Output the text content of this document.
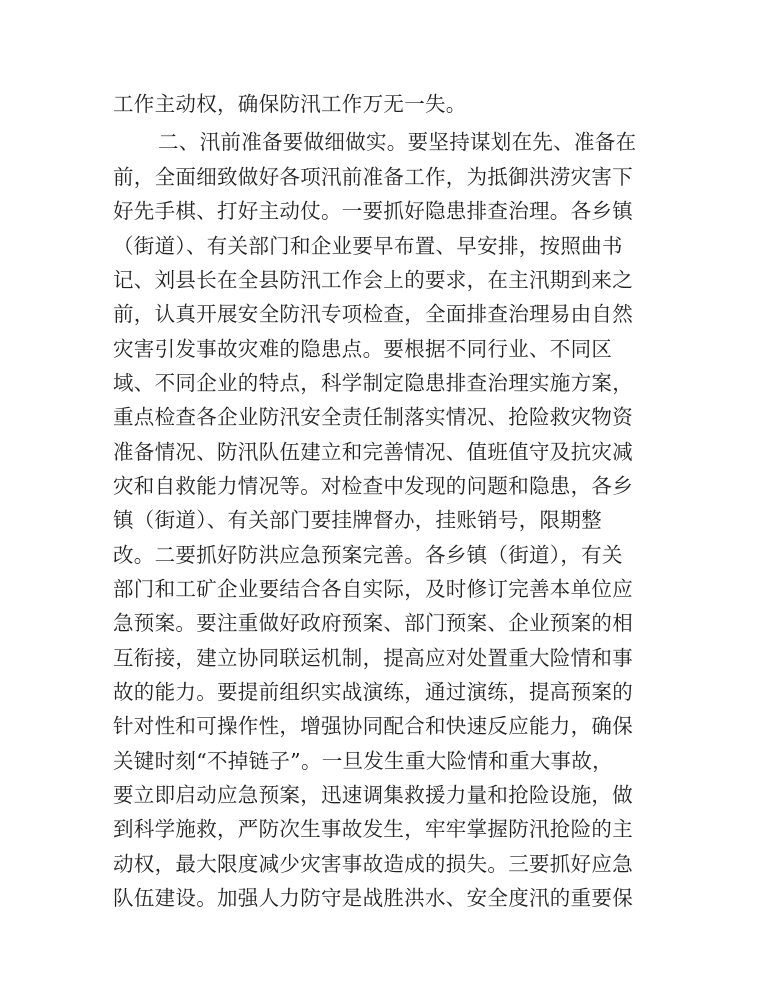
工作主动权，确保防汛工作万无一失。
二、汛前准备要做细做实。要坚持谋划在先、准备在
前，全面细致做好各项汛前准备工作，为抵御洪涝灾害下
好先手棋、打好主动仗。一要抓好隐患排查治理。各乡镇
（街道）、有关部门和企业要早布置、早安排，按照曲书
记、刘县长在全县防汛工作会上的要求，在主汛期到来之
前，认真开展安全防汛专项检查，全面排查治理易由自然
灾害引发事故灾难的隐患点。要根据不同行业、不同区
域、不同企业的特点，科学制定隐患排查治理实施方案，
重点检查各企业防汛安全责任制落实情况、抢险救灾物资
准备情况、防汛队伍建立和完善情况、值班值守及抗灾减
灾和自救能力情况等。对检查中发现的问题和隐患，各乡
镇（街道）、有关部门要挂牌督办，挂账销号，限期整
改。二要抓好防洪应急预案完善。各乡镇（街道），有关
部门和工矿企业要结合各自实际，及时修订完善本单位应
急预案。要注重做好政府预案、部门预案、企业预案的相
互衔接，建立协同联运机制，提高应对处置重大险情和事
故的能力。要提前组织实战演练，通过演练，提高预案的
针对性和可操作性，增强协同配合和快速反应能力，确保
关键时刻“不掉链子”。一旦发生重大险情和重大事故，
要立即启动应急预案，迅速调集救援力量和抢险设施，做
到科学施救，严防次生事故发生，牢牢掌握防汛抢险的主
动权，最大限度减少灾害事故造成的损失。三要抓好应急
队伍建设。加强人力防守是战胜洪水、安全度汛的重要保
